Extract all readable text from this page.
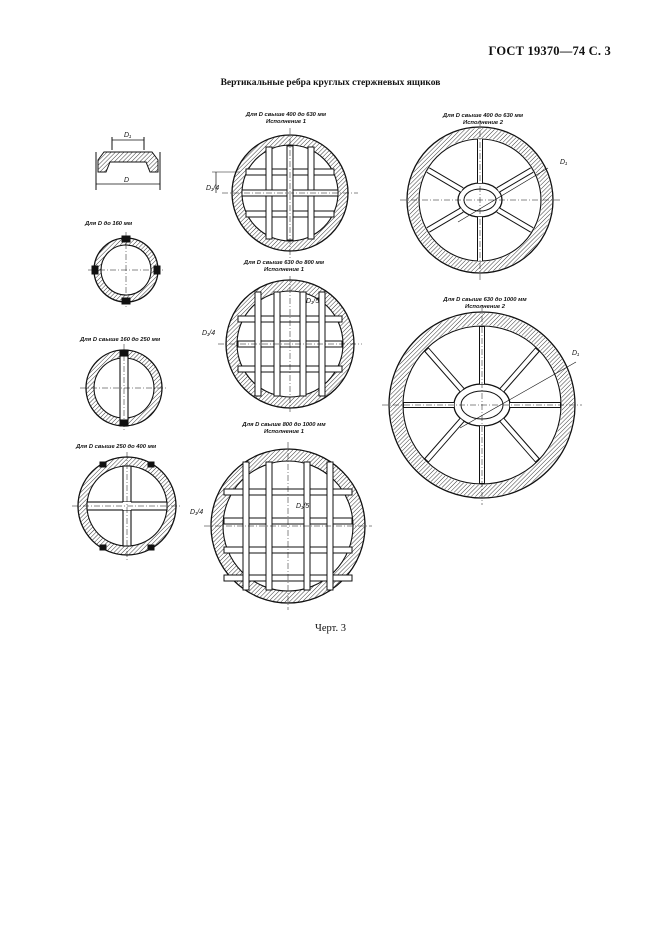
ГОСТ 19370—74 С. 3
Вертикальные ребра круглых стержневых ящиков
Для D до 160 мм
Для D свыше 160 до 250 мм
Для D свыше 250 до 400 мм
Для D свыше 400 до 630 мм
Исполнение 1
Для D свыше 630 до 800 мм
Исполнение 1
Для D свыше 800 до 1000 мм
Исполнение 1
Для D свыше 400 до 630 мм
Исполнение 2
Для D свыше 630 до 1000 мм
Исполнение 2
D₁
D
D₁/4
D₁/5
D₁/4
D₁/5
D₁/4
D₁
D₁
Черт. 3
